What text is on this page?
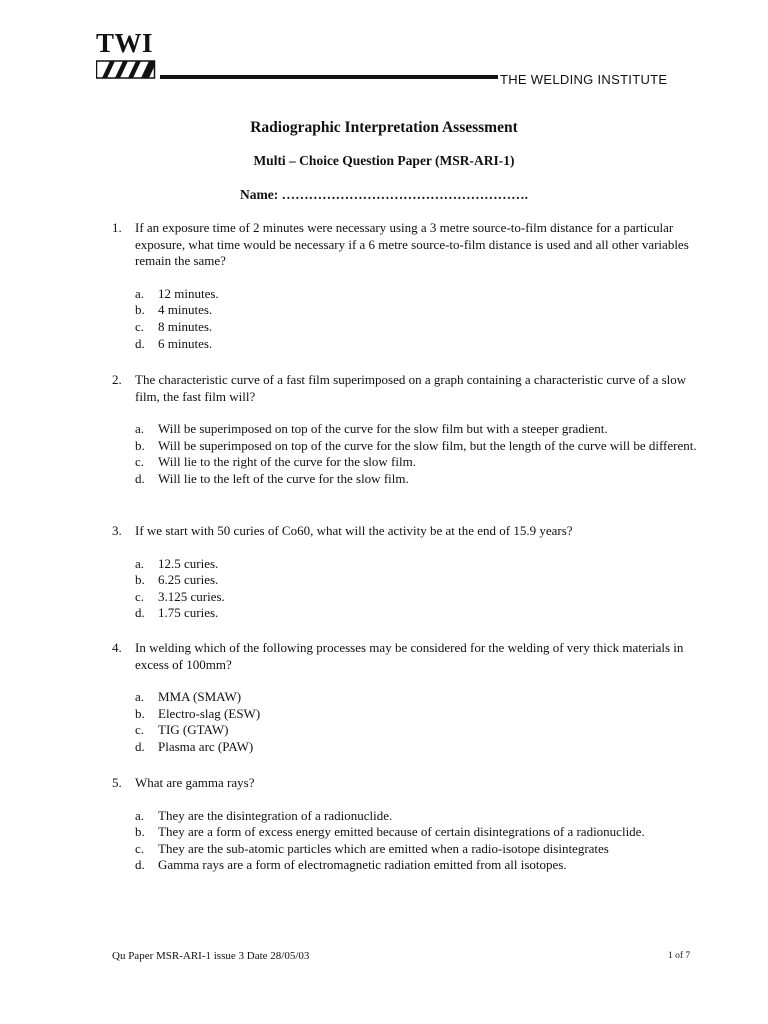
TWI
THE WELDING INSTITUTE
Radiographic Interpretation Assessment
Multi – Choice Question Paper (MSR-ARI-1)
Name: ……………………………………………….
1.	If an exposure time of 2 minutes were necessary using a 3 metre source-to-film distance for a particular exposure, what time would be necessary if a 6 metre source-to-film distance is used and all other variables remain the same?
a.	12 minutes.
b.	4 minutes.
c.	8 minutes.
d.	6 minutes.
2.	The characteristic curve of a fast film superimposed on a graph containing a characteristic curve of a slow film, the fast film will?
a.	Will be superimposed on top of the curve for the slow film but with a steeper gradient.
b.	Will be superimposed on top of the curve for the slow film, but the length of the curve will be different.
c.	Will lie to the right of the curve for the slow film.
d.	Will lie to the left of the curve for the slow film.
3.	If we start with 50 curies of Co60, what will the activity be at the end of 15.9 years?
a.	12.5 curies.
b.	6.25 curies.
c.	3.125 curies.
d.	1.75 curies.
4.	In welding which of the following processes may be considered for the welding of very thick materials in excess of 100mm?
a.	MMA (SMAW)
b.	Electro-slag (ESW)
c.	TIG (GTAW)
d.	Plasma arc (PAW)
5.	What are gamma rays?
a.	They are the disintegration of a radionuclide.
b.	They are a form of excess energy emitted because of certain disintegrations of a radionuclide.
c.	They are the sub-atomic particles which are emitted when a radio-isotope disintegrates
d.	Gamma rays are a form of electromagnetic radiation emitted from all isotopes.
Qu Paper MSR-ARI-1 issue 3 Date 28/05/03	1 of 7
